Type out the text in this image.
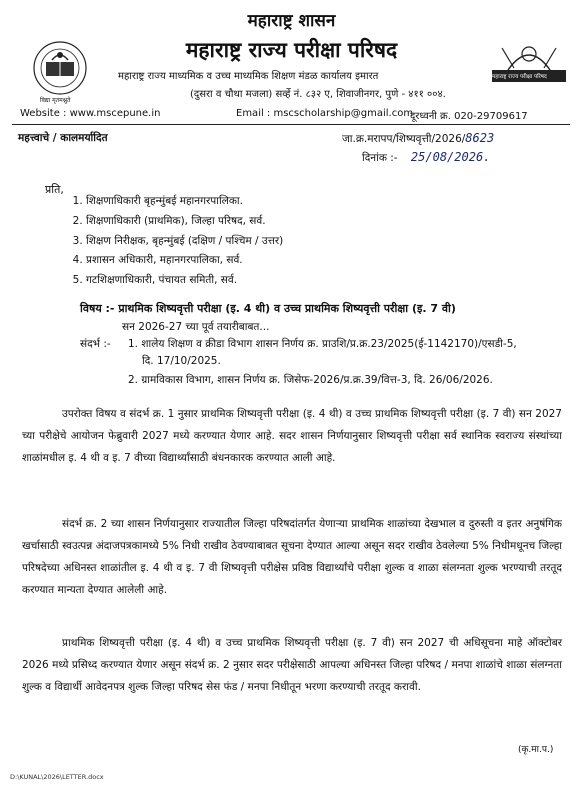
विद्या मृतमश्नुते
महाराष्ट्र राज्य परीक्षा परिषद
महाराष्ट्र शासन
महाराष्ट्र राज्य परीक्षा परिषद
महाराष्ट्र राज्य माध्यमिक व उच्च माध्यमिक शिक्षण मंडळ कार्यालय इमारत
(दुसरा व चौथा मजला) सर्व्हे नं. ८३२ ए, शिवाजीनगर, पुणे - ४११ ००४.
Website : www.mscepune.in	Email : mscscholarship@gmail.com
दूरध्वनी क्र. 020-29709617
महत्त्वाचे / कालमर्यादित	जा.क्र.मरापप/शिष्यवृत्ती/2026/8623
दिनांक :- 25/08/2026.
प्रति,
1. शिक्षणाधिकारी बृहन्मुंबई महानगरपालिका.
2. शिक्षणाधिकारी (प्राथमिक), जिल्हा परिषद, सर्व.
3. शिक्षण निरीक्षक, बृहन्मुंबई (दक्षिण / पश्चिम / उत्तर)
4. प्रशासन अधिकारी, महानगरपालिका, सर्व.
5. गटशिक्षणाधिकारी, पंचायत समिती, सर्व.
विषय :- प्राथमिक शिष्यवृत्ती परीक्षा (इ. 4 थी) व उच्च प्राथमिक शिष्यवृत्ती परीक्षा (इ. 7 वी)
सन 2026-27 च्या पूर्व तयारीबाबत...
संदर्भ :- 1. शालेय शिक्षण व क्रीडा विभाग शासन निर्णय क्र. प्राउशि/प्र.क्र.23/2025(ई-1142170)/एसडी-5,
दि. 17/10/2025.
2. ग्रामविकास विभाग, शासन निर्णय क्र. जिसेफ-2026/प्र.क्र.39/वित्त-3, दि. 26/06/2026.
उपरोक्त विषय व संदर्भ क्र. 1 नुसार प्राथमिक शिष्यवृत्ती परीक्षा (इ. 4 थी) व उच्च प्राथमिक शिष्यवृत्ती परीक्षा (इ. 7 वी) सन 2027 च्या परीक्षेचे आयोजन फेब्रुवारी 2027 मध्ये करण्यात येणार आहे. सदर शासन निर्णयानुसार शिष्यवृत्ती परीक्षा सर्व स्थानिक स्वराज्य संस्थांच्या शाळांमधील इ. 4 थी व इ. 7 वीच्या विद्यार्थ्यांसाठी बंधनकारक करण्यात आली आहे.
संदर्भ क्र. 2 च्या शासन निर्णयानुसार राज्यातील जिल्हा परिषदांतर्गत येणाऱ्या प्राथमिक शाळांच्या देखभाल व दुरुस्ती व इतर अनुषंगिक खर्चासाठी स्वउत्पन्न अंदाजपत्रकामध्ये 5% निधी राखीव ठेवण्याबाबत सूचना देण्यात आल्या असून सदर राखीव ठेवलेल्या 5% निधीमधूनच जिल्हा परिषदेच्या अधिनस्त शाळांतील इ. 4 थी व इ. 7 वी शिष्यवृत्ती परीक्षेस प्रविष्ठ विद्यार्थ्यांचे परीक्षा शुल्क व शाळा संलग्नता शुल्क भरण्याची तरतूद करण्यात मान्यता देण्यात आलेली आहे.
प्राथमिक शिष्यवृत्ती परीक्षा (इ. 4 थी) व उच्च प्राथमिक शिष्यवृत्ती परीक्षा (इ. 7 वी) सन 2027 ची अधिसूचना माहे ऑक्टोबर 2026 मध्ये प्रसिध्द करण्यात येणार असून संदर्भ क्र. 2 नुसार सदर परीक्षेसाठी आपल्या अधिनस्त जिल्हा परिषद / मनपा शाळांचे शाळा संलग्नता शुल्क व विद्यार्थी आवेदनपत्र शुल्क जिल्हा परिषद सेस फंड / मनपा निधीतून भरणा करण्याची तरतूद करावी.
(कृ.मा.प.)
D:\KUNAL\2026\LETTER.docx
